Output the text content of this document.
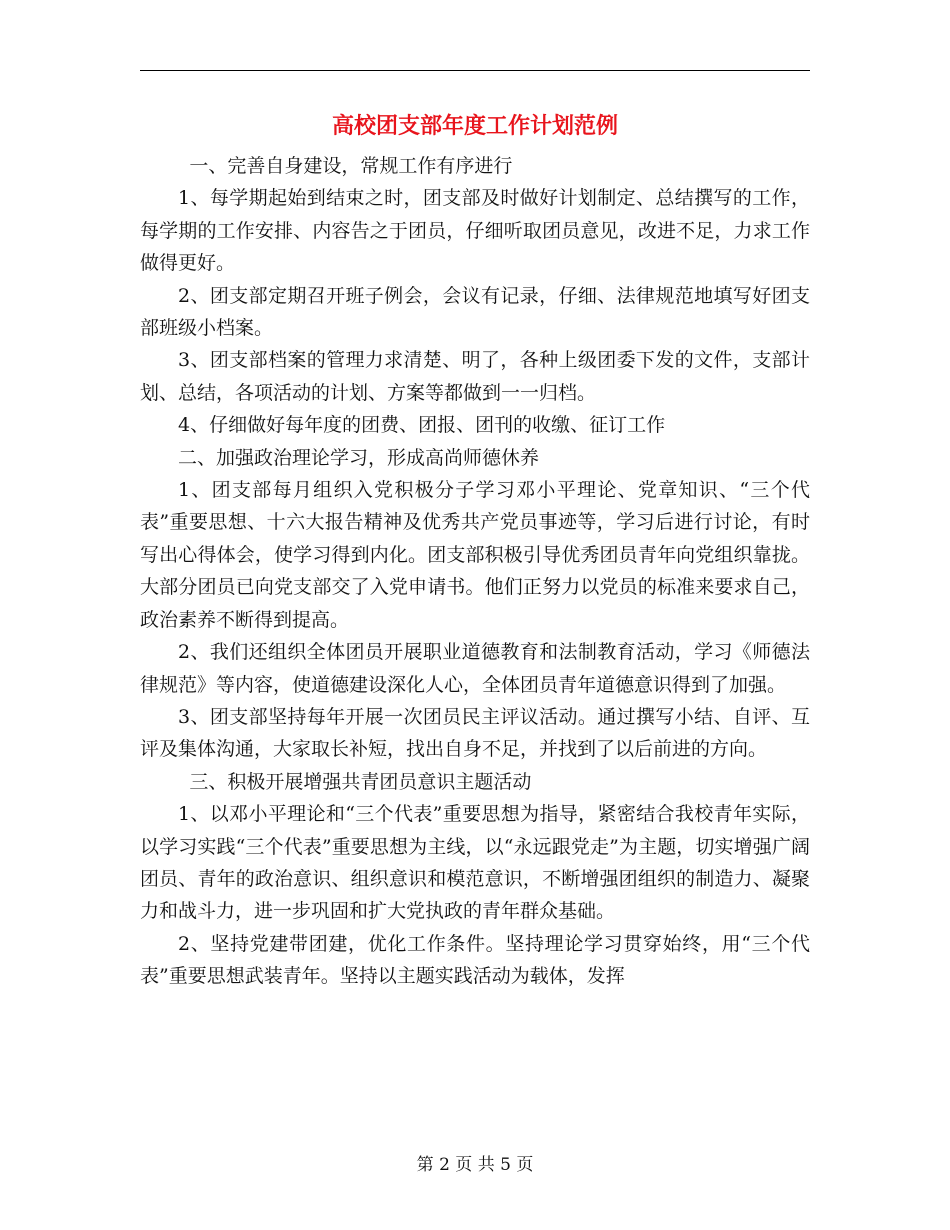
高校团支部年度工作计划范例

一、完善自身建设，常规工作有序进行

1、每学期起始到结束之时，团支部及时做好计划制定、总结撰写的工作，每学期的工作安排、内容告之于团员，仔细听取团员意见，改进不足，力求工作做得更好。

2、团支部定期召开班子例会，会议有记录，仔细、法律规范地填写好团支部班级小档案。

3、团支部档案的管理力求清楚、明了，各种上级团委下发的文件，支部计划、总结，各项活动的计划、方案等都做到一一归档。

4、仔细做好每年度的团费、团报、团刊的收缴、征订工作

二、加强政治理论学习，形成高尚师德休养

1、团支部每月组织入党积极分子学习邓小平理论、党章知识、“三个代表”重要思想、十六大报告精神及优秀共产党员事迹等，学习后进行讨论，有时写出心得体会，使学习得到内化。团支部积极引导优秀团员青年向党组织靠拢。大部分团员已向党支部交了入党申请书。他们正努力以党员的标准来要求自己，政治素养不断得到提高。

2、我们还组织全体团员开展职业道德教育和法制教育活动，学习《师德法律规范》等内容，使道德建设深化人心，全体团员青年道德意识得到了加强。

3、团支部坚持每年开展一次团员民主评议活动。通过撰写小结、自评、互评及集体沟通，大家取长补短，找出自身不足，并找到了以后前进的方向。

三、积极开展增强共青团员意识主题活动

1、以邓小平理论和“三个代表”重要思想为指导，紧密结合我校青年实际，以学习实践“三个代表”重要思想为主线，以“永远跟党走”为主题，切实增强广阔团员、青年的政治意识、组织意识和模范意识，不断增强团组织的制造力、凝聚力和战斗力，进一步巩固和扩大党执政的青年群众基础。

2、坚持党建带团建，优化工作条件。坚持理论学习贯穿始终，用“三个代表”重要思想武装青年。坚持以主题实践活动为载体，发挥

第 2 页 共 5 页
